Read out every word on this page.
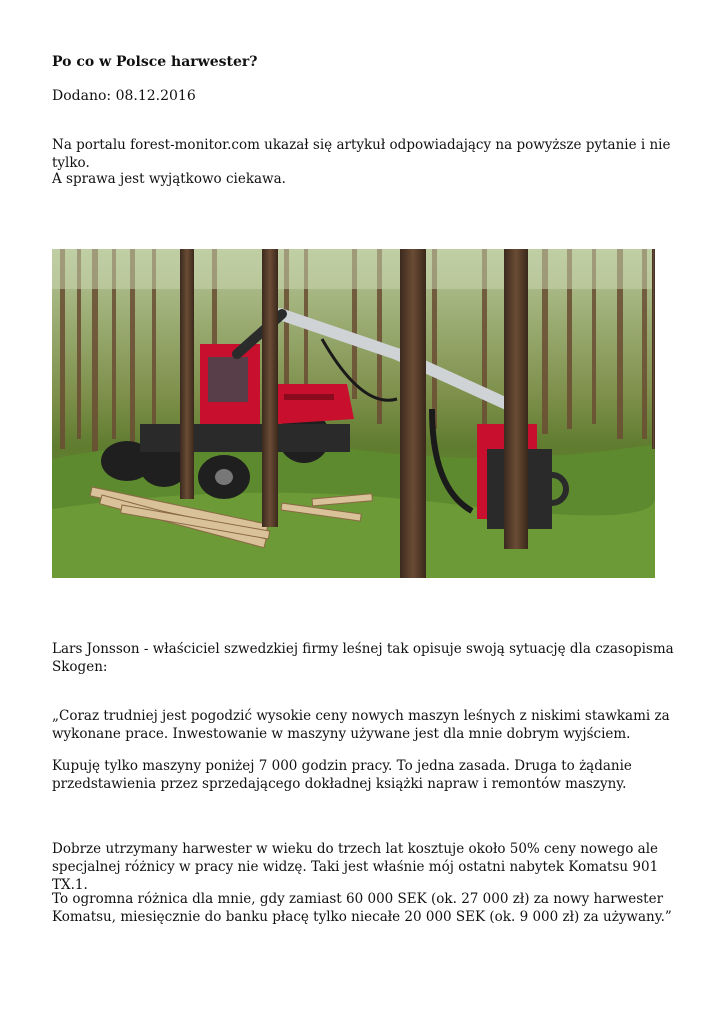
Po co w Polsce harwester?

Dodano: 08.12.2016

Na portalu forest-monitor.com ukazał się artykuł odpowiadający na powyższe pytanie i nie tylko.

A sprawa jest wyjątkowo ciekawa.

Lars Jonsson - właściciel szwedzkiej firmy leśnej tak opisuje swoją sytuację dla czasopisma Skogen:

„Coraz trudniej jest pogodzić wysokie ceny nowych maszyn leśnych z niskimi stawkami za wykonane prace. Inwestowanie w maszyny używane jest dla mnie dobrym wyjściem.

Kupuję tylko maszyny poniżej 7 000 godzin pracy. To jedna zasada. Druga to żądanie przedstawienia przez sprzedającego dokładnej książki napraw i remontów maszyny.

Dobrze utrzymany harwester w wieku do trzech lat kosztuje około 50% ceny nowego ale specjalnej różnicy w pracy nie widzę. Taki jest właśnie mój ostatni nabytek Komatsu 901 TX.1.

To ogromna różnica dla mnie, gdy zamiast 60 000 SEK (ok. 27 000 zł) za nowy harwester Komatsu, miesięcznie do banku płacę tylko niecałe 20 000 SEK (ok. 9 000 zł) za używany.”
